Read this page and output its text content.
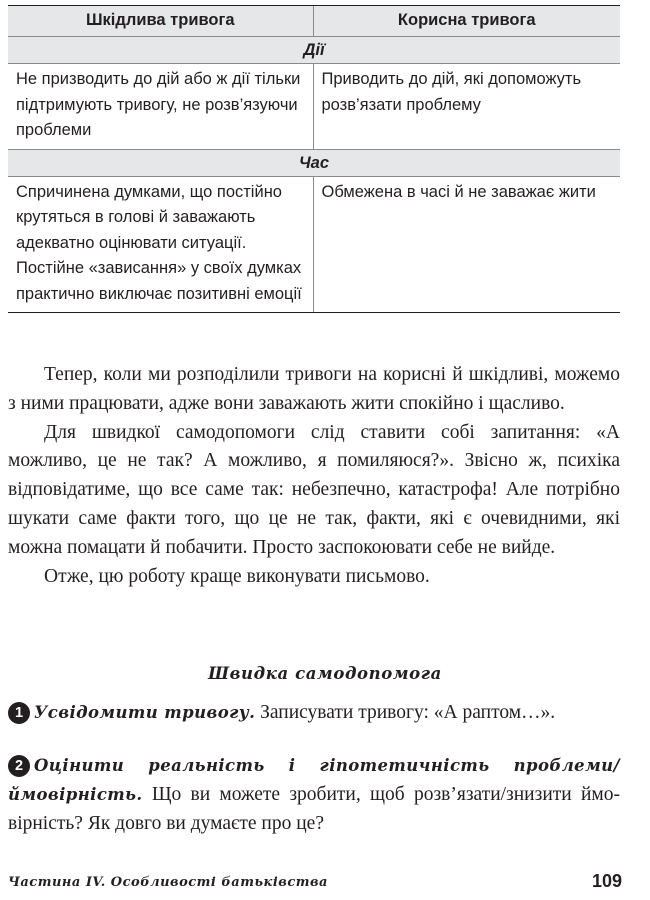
Шкідлива тривога	Корисна тривога
Дії	
Не призводить до дій або ж дії тільки підтримують тривогу, не розв’язуючи проблеми	Приводить до дій, які допоможуть розв’язати проблему
Час	
Спричинена думками, що постійно крутяться в голові й заважають адекватно оцінювати ситуації. Постійне «зависання» у своїх думках практично виключає позитивні емоції	Обмежена в часі й не заважає жити

Тепер, коли ми розподілили тривоги на корисні й шкідливі, можемо з ними працювати, адже вони заважають жити спокійно і щасливо.

Для швидкої самодопомоги слід ставити собі запитання: «А можливо, це не так? А можливо, я помиляюся?». Звісно ж, психіка відповідатиме, що все саме так: небезпечно, катастрофа! Але потрібно шукати саме факти того, що це не так, факти, які є очевидними, які можна помацати й побачити. Просто заспокоювати себе не вийде.

Отже, цю роботу краще виконувати письмово.

Швидка самодопомога
1 Усвідомити тривогу. Записувати тривогу: «А раптом…».
2 Оцінити реальність і гіпотетичність проблеми/ймовірність. Що ви можете зробити, щоб розв’язати/знизити ймовірність? Як довго ви думаєте про це?
Частина IV. Особливості батьківства	109
